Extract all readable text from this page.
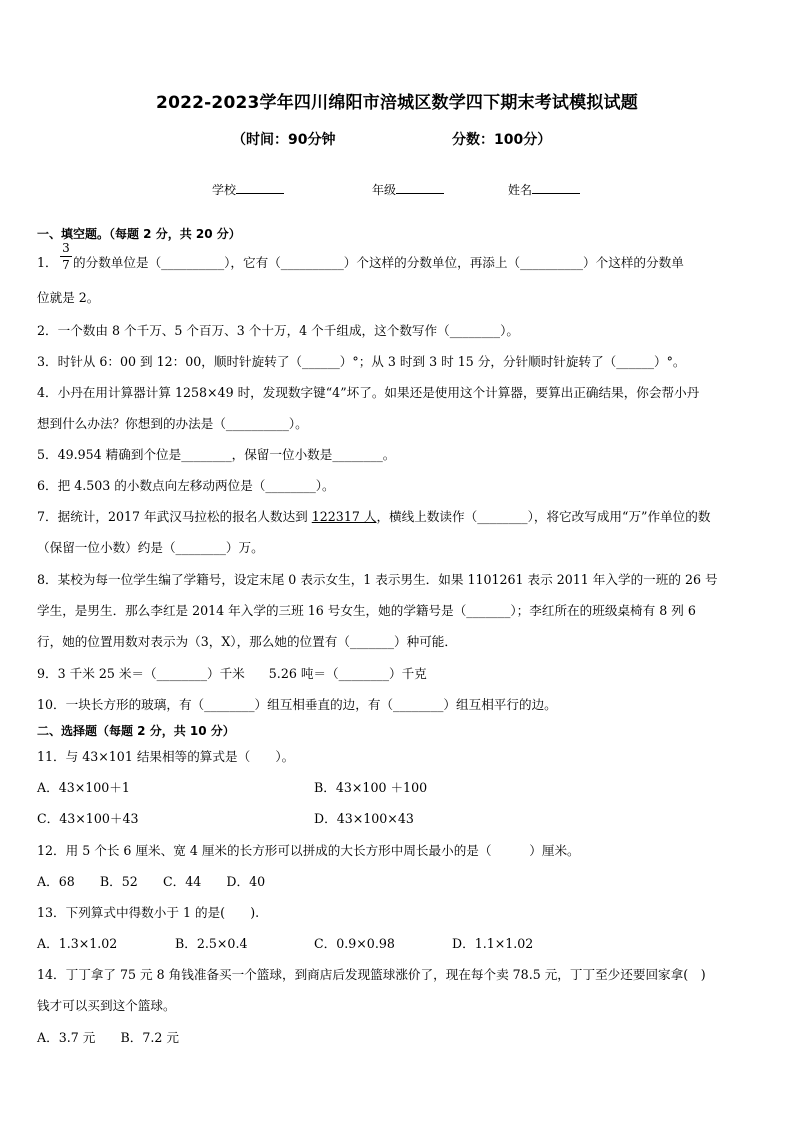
2022-2023学年四川绵阳市涪城区数学四下期末考试模拟试题
（时间：90分钟	分数：100分）
学校	年级	姓名
一、填空题。（每题 2 分，共 20 分）
1．
3
7 的分数单位是（__________），它有（__________）个这样的分数单位，再添上（__________）个这样的分数单
位就是 2。
2．一个数由 8 个千万、5 个百万、3 个十万，4 个千组成，这个数写作（________）。
3．时针从 6：00 到 12：00，顺时针旋转了（______）°；从 3 时到 3 时 15 分，分针顺时针旋转了（______）°。
4．小丹在用计算器计算 1258×49 时，发现数字键“4”坏了。如果还是使用这个计算器，要算出正确结果，你会帮小丹
想到什么办法？你想到的办法是（__________）。
5．49.954 精确到个位是________，保留一位小数是________。
6．把 4.503 的小数点向左移动两位是（________）。
7．据统计，2017 年武汉马拉松的报名人数达到 122317 人，横线上数读作（________），将它改写成用“万”作单位的数
（保留一位小数）约是（________）万。
8．某校为每一位学生编了学籍号，设定末尾 0 表示女生，1 表示男生．如果 1101261 表示 2011 年入学的一班的 26 号
学生，是男生．那么李红是 2014 年入学的三班 16 号女生，她的学籍号是（_______）；李红所在的班级桌椅有 8 列 6
行，她的位置用数对表示为（3，X），那么她的位置有（_______）种可能．
9．3 千米 25 米＝（________）千米      5.26 吨＝（________）千克
10．一块长方形的玻璃，有（________）组互相垂直的边，有（________）组互相平行的边。
二、选择题（每题 2 分，共 10 分）
11．与 43×101 结果相等的算式是（　　）。
A．43×100＋1	B．43×100 ＋100
C．43×100＋43	D．43×100×43
12．用 5 个长 6 厘米、宽 4 厘米的长方形可以拼成的大长方形中周长最小的是（　　　）厘米。
A．68　　B．52　　C．44　　D．40
13．下列算式中得数小于 1 的是(　　).
A．1.3×1.02	B．2.5×0.4	C．0.9×0.98	D．1.1×1.02
14．丁丁拿了 75 元 8 角钱准备买一个篮球，到商店后发现篮球涨价了，现在每个卖 78.5 元，丁丁至少还要回家拿(　)
钱才可以买到这个篮球。
A．3.7 元　　B．7.2 元
